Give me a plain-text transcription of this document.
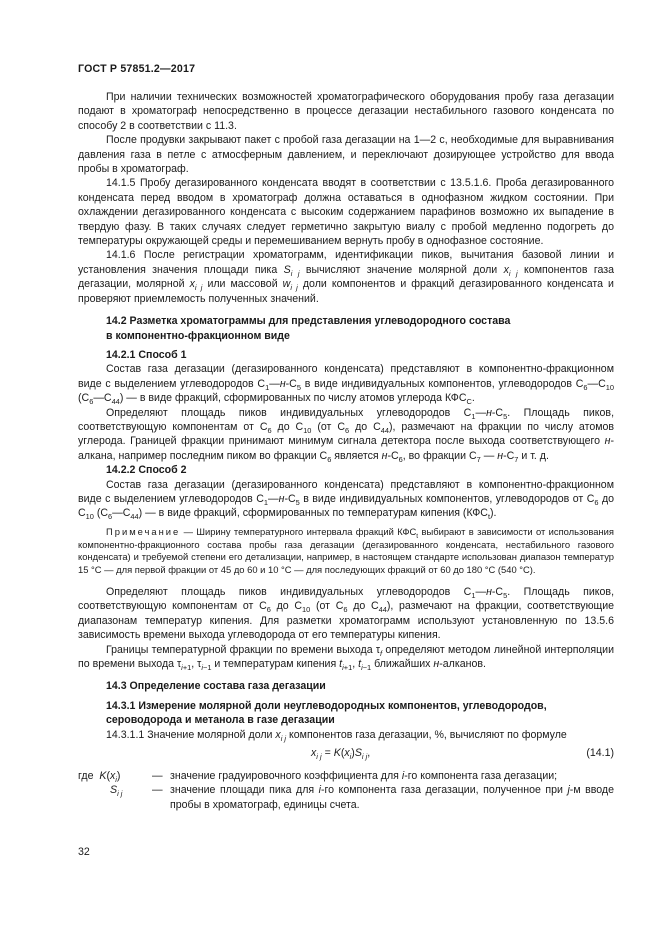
ГОСТ Р 57851.2—2017

При наличии технических возможностей хроматографического оборудования пробу газа дегазации подают в хроматограф непосредственно в процессе дегазации нестабильного газового конденсата по способу 2 в соответствии с 11.3.

После продувки закрывают пакет с пробой газа дегазации на 1—2 с, необходимые для выравнивания давления газа в петле с атмосферным давлением, и переключают дозирующее устройство для ввода пробы в хроматограф.

14.1.5 Пробу дегазированного конденсата вводят в соответствии с 13.5.1.6. Проба дегазированного конденсата перед вводом в хроматограф должна оставаться в однофазном жидком состоянии. При охлаждении дегазированного конденсата с высоким содержанием парафинов возможно их выпадение в твердую фазу. В таких случаях следует герметично закрытую виалу с пробой медленно подогреть до температуры окружающей среды и перемешиванием вернуть пробу в однофазное состояние.

14.1.6 После регистрации хроматограмм, идентификации пиков, вычитания базовой линии и установления значения площади пика $S_{i j}$ вычисляют значение молярной доли $x_{i j}$ компонентов газа дегазации, молярной $x_{i j}$ или массовой $w_{i j}$ доли компонентов и фракций дегазированного конденсата и проверяют приемлемость полученных значений.

14.2 Разметка хроматограммы для представления углеводородного состава
в компонентно-фракционном виде

14.2.1 Способ 1

Состав газа дегазации (дегазированного конденсата) представляют в компонентно-фракционном виде с выделением углеводородов $C_1—н-C_5$ в виде индивидуальных компонентов, углеводородов $C_6—C_{10}$ $(C_6—C_{44})$ — в виде фракций, сформированных по числу атомов углерода $КФС_C$.

Определяют площадь пиков индивидуальных углеводородов $C_1—н-C_5$. Площадь пиков, соответствующую компонентам от $C_6$ до $C_{10}$ (от $C_6$ до $C_{44}$), размечают на фракции по числу атомов углерода. Границей фракции принимают минимум сигнала детектора после выхода соответствующего н-алкана, например последним пиком во фракции $C_6$ является $н-C_6$, во фракции $C_7$ — $н-C_7$ и т. д.

14.2.2 Способ 2

Состав газа дегазации (дегазированного конденсата) представляют в компонентно-фракционном виде с выделением углеводородов $C_1—н-C_5$ в виде индивидуальных компонентов, углеводородов от $C_6$ до $C_{10}$ $(C_6—C_{44})$ — в виде фракций, сформированных по температурам кипения $(КФС_t)$.

Примечание — Ширину температурного интервала фракций $КФС_t$ выбирают в зависимости от использования компонентно-фракционного состава пробы газа дегазации (дегазированного конденсата, нестабильного газового конденсата) и требуемой степени его детализации, например, в настоящем стандарте использован диапазон температур 15 °С — для первой фракции от 45 до 60 и 10 °С — для последующих фракций от 60 до 180 °С (540 °С).

Определяют площадь пиков индивидуальных углеводородов $C_1—н-C_5$. Площадь пиков, соответствующую компонентам от $C_6$ до $C_{10}$ (от $C_6$ до $C_{44}$), размечают на фракции, соответствующие диапазонам температур кипения. Для разметки хроматограмм используют установленную по 13.5.6 зависимость времени выхода углеводорода от его температуры кипения.

Границы температурной фракции по времени выхода $\tau_f$ определяют методом линейной интерполяции по времени выхода $\tau_{i+1}$, $\tau_{i-1}$ и температурам кипения $t_{i+1}$, $t_{i-1}$ ближайших н-алканов.

14.3 Определение состава газа дегазации

14.3.1 Измерение молярной доли неуглеводородных компонентов, углеводородов, сероводорода и метанола в газе дегазации

14.3.1.1 Значение молярной доли $x_{i j}$ компонентов газа дегазации, %, вычисляют по формуле

$x_{i j} = K(x_i)S_{i j}$,	(14.1)
где $K(x_i)$	— значение градуировочного коэффициента для i-го компонента газа дегазации;
$S_{i j}$	— значение площади пика для i-го компонента газа дегазации, полученное при j-м вводе пробы в хроматограф, единицы счета.
32
